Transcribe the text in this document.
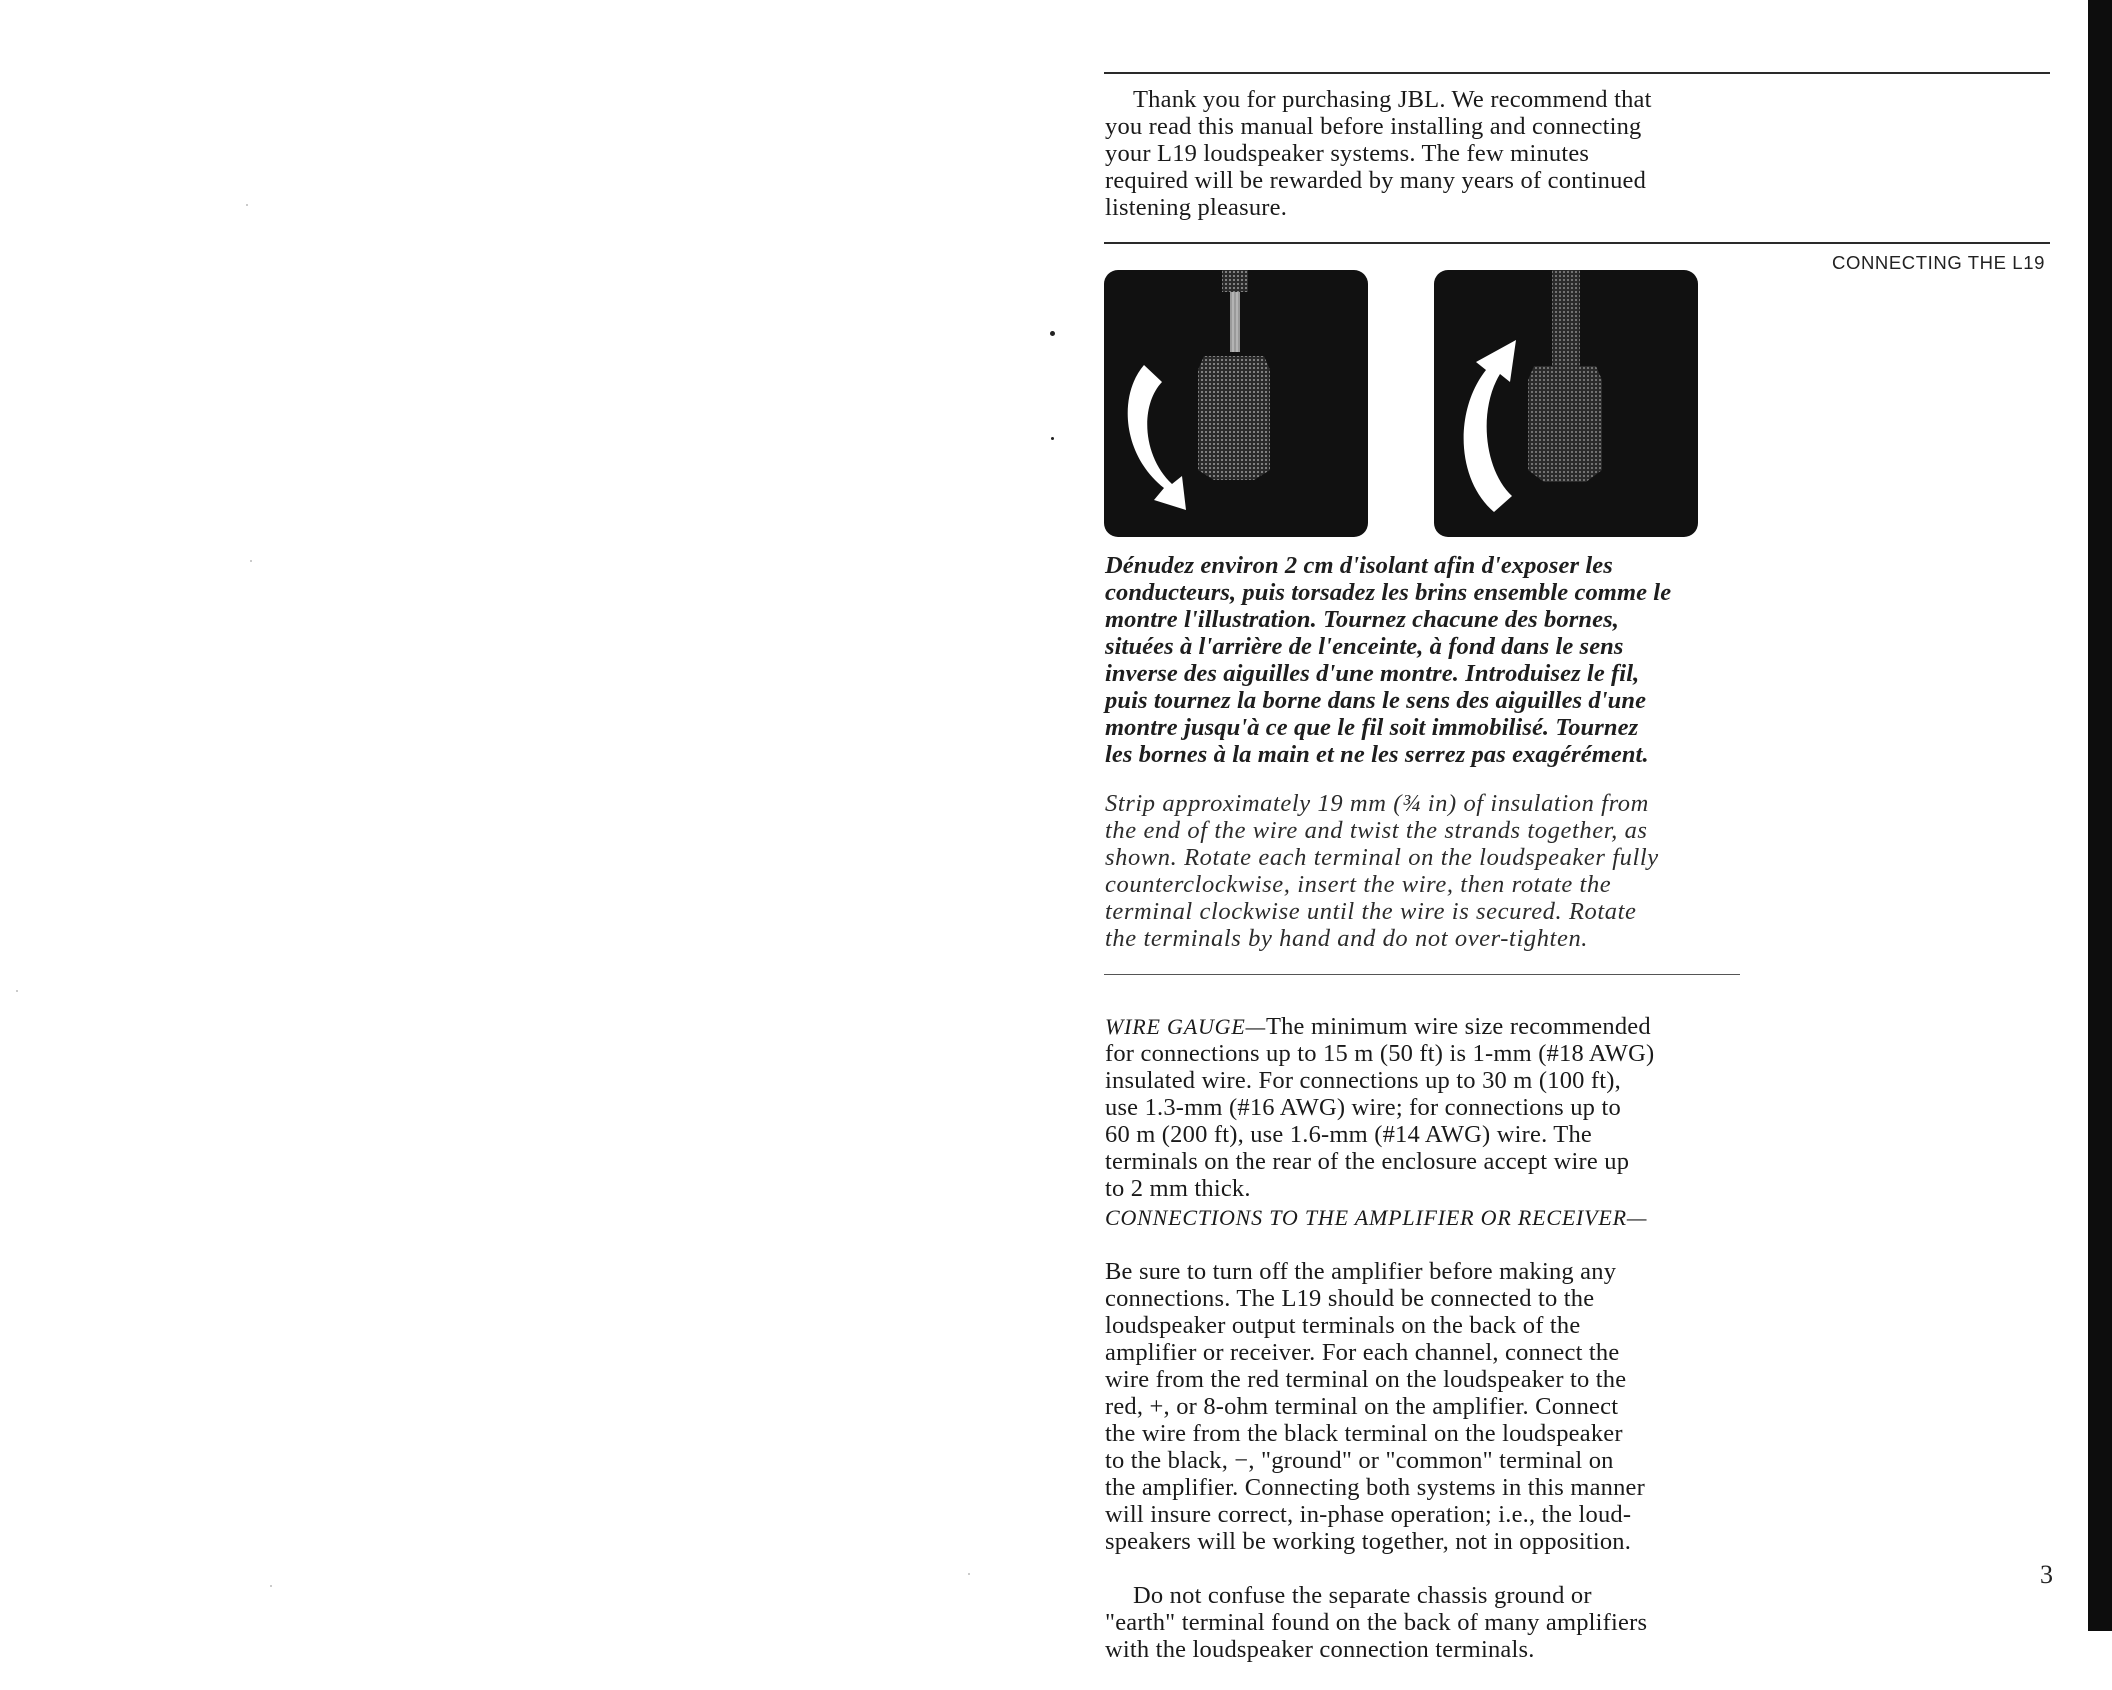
Thank you for purchasing JBL. We recommend that
you read this manual before installing and connecting
your L19 loudspeaker systems. The few minutes
required will be rewarded by many years of continued
listening pleasure.

CONNECTING THE L19

Dénudez environ 2 cm d'isolant afin d'exposer les
conducteurs, puis torsadez les brins ensemble comme le
montre l'illustration. Tournez chacune des bornes,
situées à l'arrière de l'enceinte, à fond dans le sens
inverse des aiguilles d'une montre. Introduisez le fil,
puis tournez la borne dans le sens des aiguilles d'une
montre jusqu'à ce que le fil soit immobilisé. Tournez
les bornes à la main et ne les serrez pas exagérément.

Strip approximately 19 mm (¾ in) of insulation from
the end of the wire and twist the strands together, as
shown. Rotate each terminal on the loudspeaker fully
counterclockwise, insert the wire, then rotate the
terminal clockwise until the wire is secured. Rotate
the terminals by hand and do not over-tighten.

WIRE GAUGE—The minimum wire size recommended
for connections up to 15 m (50 ft) is 1-mm (#18 AWG)
insulated wire. For connections up to 30 m (100 ft),
use 1.3-mm (#16 AWG) wire; for connections up to
60 m (200 ft), use 1.6-mm (#14 AWG) wire. The
terminals on the rear of the enclosure accept wire up
to 2 mm thick.

CONNECTIONS TO THE AMPLIFIER OR RECEIVER—

Be sure to turn off the amplifier before making any
connections. The L19 should be connected to the
loudspeaker output terminals on the back of the
amplifier or receiver. For each channel, connect the
wire from the red terminal on the loudspeaker to the
red, +, or 8-ohm terminal on the amplifier. Connect
the wire from the black terminal on the loudspeaker
to the black, −, "ground" or "common" terminal on
the amplifier. Connecting both systems in this manner
will insure correct, in-phase operation; i.e., the loud-
speakers will be working together, not in opposition.

Do not confuse the separate chassis ground or
"earth" terminal found on the back of many amplifiers
with the loudspeaker connection terminals.

3
